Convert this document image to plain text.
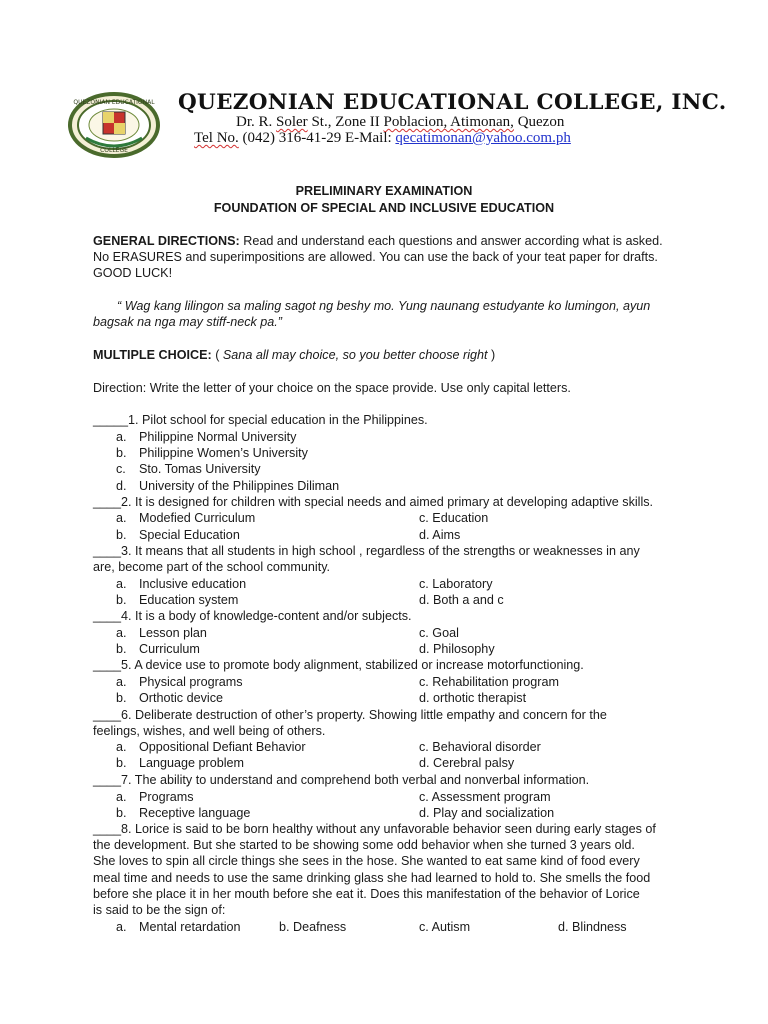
QUEZONIAN EDUCATIONAL
COLLEGE
QUEZONIAN EDUCATIONAL COLLEGE, INC.
Dr. R. Soler St., Zone II Poblacion, Atimonan, Quezon
Tel No. (042) 316-41-29 E-Mail: qecatimonan@yahoo.com.ph
PRELIMINARY EXAMINATION
FOUNDATION OF SPECIAL AND INCLUSIVE EDUCATION
GENERAL DIRECTIONS: Read and understand each questions and answer according what is asked.
No ERASURES and superimpositions are allowed. You can use the back of your teat paper for drafts.
GOOD LUCK!
“ Wag kang lilingon sa maling sagot ng beshy mo. Yung naunang estudyante ko lumingon, ayun
bagsak na nga may stiff-neck pa.”
MULTIPLE CHOICE: ( Sana all may choice, so you better choose right )
Direction: Write the letter of your choice on the space provide. Use only capital letters.
_____1. Pilot school for special education in the Philippines.
a. Philippine Normal University
b. Philippine Women’s University
c. Sto. Tomas University
d. University of the Philippines Diliman
____2. It is designed for children with special needs and aimed primary at developing adaptive skills.
a. Modefied Curriculum	c. Education
b. Special Education	d. Aims
____3. It means that all students in high school , regardless of the strengths or weaknesses in any
are, become part of the school community.
a. Inclusive education	c. Laboratory
b. Education system	d. Both a and c
____4. It is a body of knowledge-content and/or subjects.
a. Lesson plan	c. Goal
b. Curriculum	d. Philosophy
____5. A device use to promote body alignment, stabilized or increase motorfunctioning.
a. Physical programs	c. Rehabilitation program
b. Orthotic device	d. orthotic therapist
____6. Deliberate destruction of other’s property. Showing little empathy and concern for the
feelings, wishes, and well being of others.
a. Oppositional Defiant Behavior	c. Behavioral disorder
b. Language problem	d. Cerebral palsy
____7. The ability to understand and comprehend both verbal and nonverbal information.
a. Programs	c. Assessment program
b. Receptive language	d. Play and socialization
____8. Lorice is said to be born healthy without any unfavorable behavior seen during early stages of
the development. But she started to be showing some odd behavior when she turned 3 years old.
She loves to spin all circle things she sees in the hose. She wanted to eat same kind of food every
meal time and needs to use the same drinking glass she had learned to hold to. She smells the food
before she place it in her mouth before she eat it. Does this manifestation of the behavior of Lorice
is said to be the sign of:
a. Mental retardation	b. Deafness	c. Autism	d. Blindness
